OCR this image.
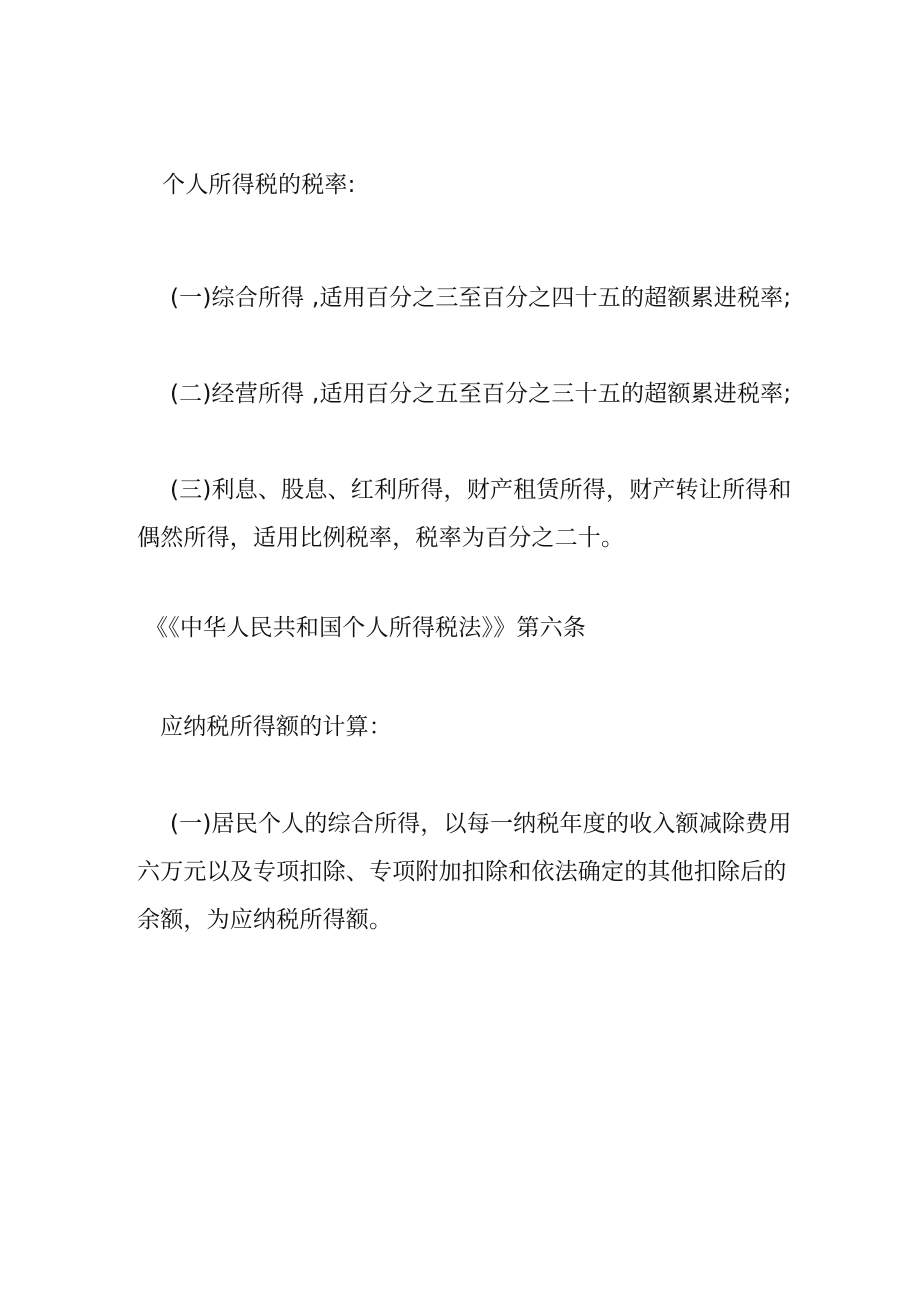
个人所得税的税率:
(一)综合所得 ,适用百分之三至百分之四十五的超额累进税率;
(二)经营所得 ,适用百分之五至百分之三十五的超额累进税率;
(三)利息、股息、红利所得，财产租赁所得，财产转让所得和
偶然所得，适用比例税率，税率为百分之二十。
《《中华人民共和国个人所得税法》》第六条
应纳税所得额的计算：
(一)居民个人的综合所得，以每一纳税年度的收入额减除费用
六万元以及专项扣除、专项附加扣除和依法确定的其他扣除后的
余额，为应纳税所得额。
